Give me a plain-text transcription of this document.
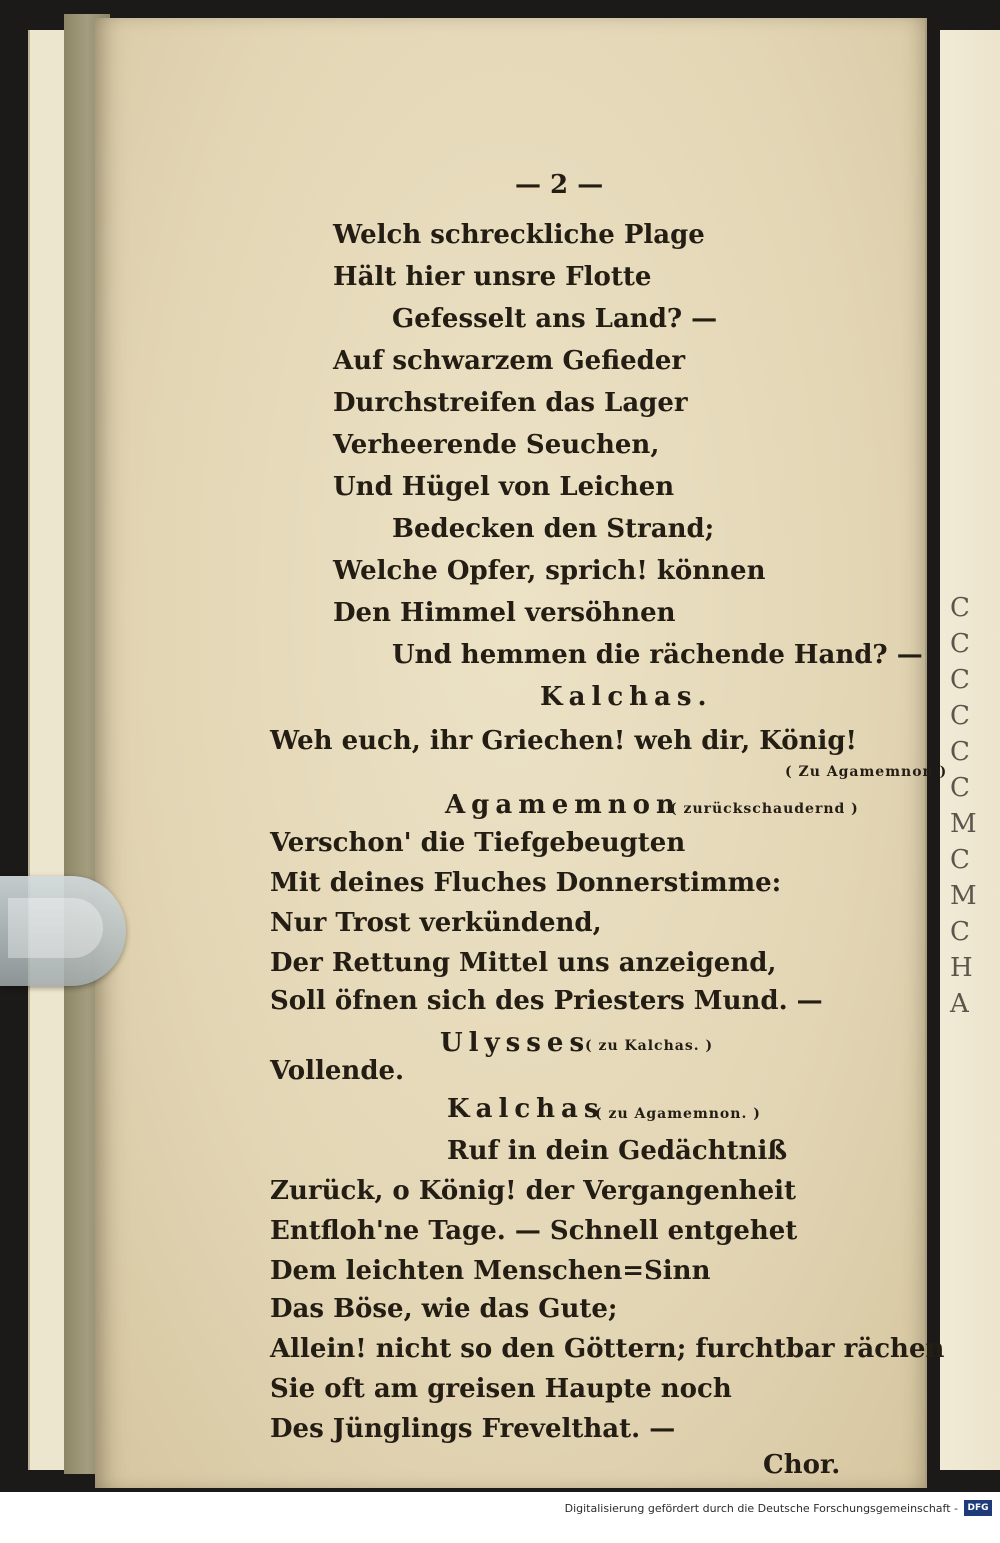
C
C
C
C
C
C
M
C
M
C
H
A
— 2 —
Welch schreckliche Plage
Hält hier unsre Flotte
Gefesselt ans Land? —
Auf schwarzem Gefieder
Durchstreifen das Lager
Verheerende Seuchen,
Und Hügel von Leichen
Bedecken den Strand;
Welche Opfer, sprich! können
Den Himmel versöhnen
Und hemmen die rächende Hand? —
Kalchas.
Weh euch, ihr Griechen! weh dir, König!
( Zu Agamemnon )
Agamemnon
( zurückschaudernd )
Verschon' die Tiefgebeugten
Mit deines Fluches Donnerstimme:
Nur Trost verkündend,
Der Rettung Mittel uns anzeigend,
Soll öfnen sich des Priesters Mund. —
Ulysses
( zu Kalchas. )
Vollende.
Kalchas
( zu Agamemnon. )
Ruf in dein Gedächtniß
Zurück, o König! der Vergangenheit
Entfloh'ne Tage. — Schnell entgehet
Dem leichten Menschen=Sinn
Das Böse, wie das Gute;
Allein! nicht so den Göttern; furchtbar rächen
Sie oft am greisen Haupte noch
Des Jünglings Frevelthat. —
Chor.
Digitalisierung gefördert durch die Deutsche Forschungsgemeinschaft -	DFG
